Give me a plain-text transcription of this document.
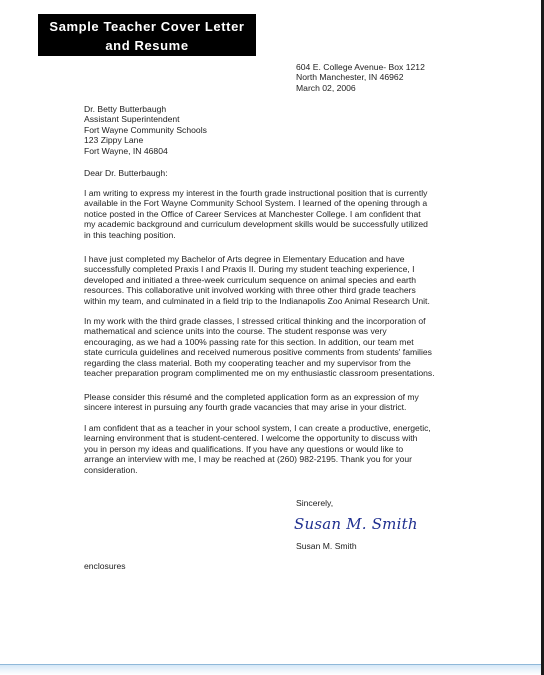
Sample Teacher Cover Letter
and Resume
604 E. College Avenue- Box 1212
North Manchester, IN 46962
March 02, 2006
Dr. Betty Butterbaugh
Assistant Superintendent
Fort Wayne Community Schools
123 Zippy Lane
Fort Wayne, IN 46804
Dear Dr. Butterbaugh:
I am writing to express my interest in the fourth grade instructional position that is currently
available in the Fort Wayne Community School System. I learned of the opening through a
notice posted in the Office of Career Services at Manchester College. I am confident that
my academic background and curriculum development skills would be successfully utilized
in this teaching position.
I have just completed my Bachelor of Arts degree in Elementary Education and have
successfully completed Praxis I and Praxis II. During my student teaching experience, I
developed and initiated a three-week curriculum sequence on animal species and earth
resources. This collaborative unit involved working with three other third grade teachers
within my team, and culminated in a field trip to the Indianapolis Zoo Animal Research Unit.
In my work with the third grade classes, I stressed critical thinking and the incorporation of
mathematical and science units into the course. The student response was very
encouraging, as we had a 100% passing rate for this section. In addition, our team met
state curricula guidelines and received numerous positive comments from students' families
regarding the class material. Both my cooperating teacher and my supervisor from the
teacher preparation program complimented me on my enthusiastic classroom presentations.
Please consider this résumé and the completed application form as an expression of my
sincere interest in pursuing any fourth grade vacancies that may arise in your district.
I am confident that as a teacher in your school system, I can create a productive, energetic,
learning environment that is student-centered. I welcome the opportunity to discuss with
you in person my ideas and qualifications. If you have any questions or would like to
arrange an interview with me, I may be reached at (260) 982-2195. Thank you for your
consideration.
Sincerely,
Susan M. Smith
Susan M. Smith
enclosures
